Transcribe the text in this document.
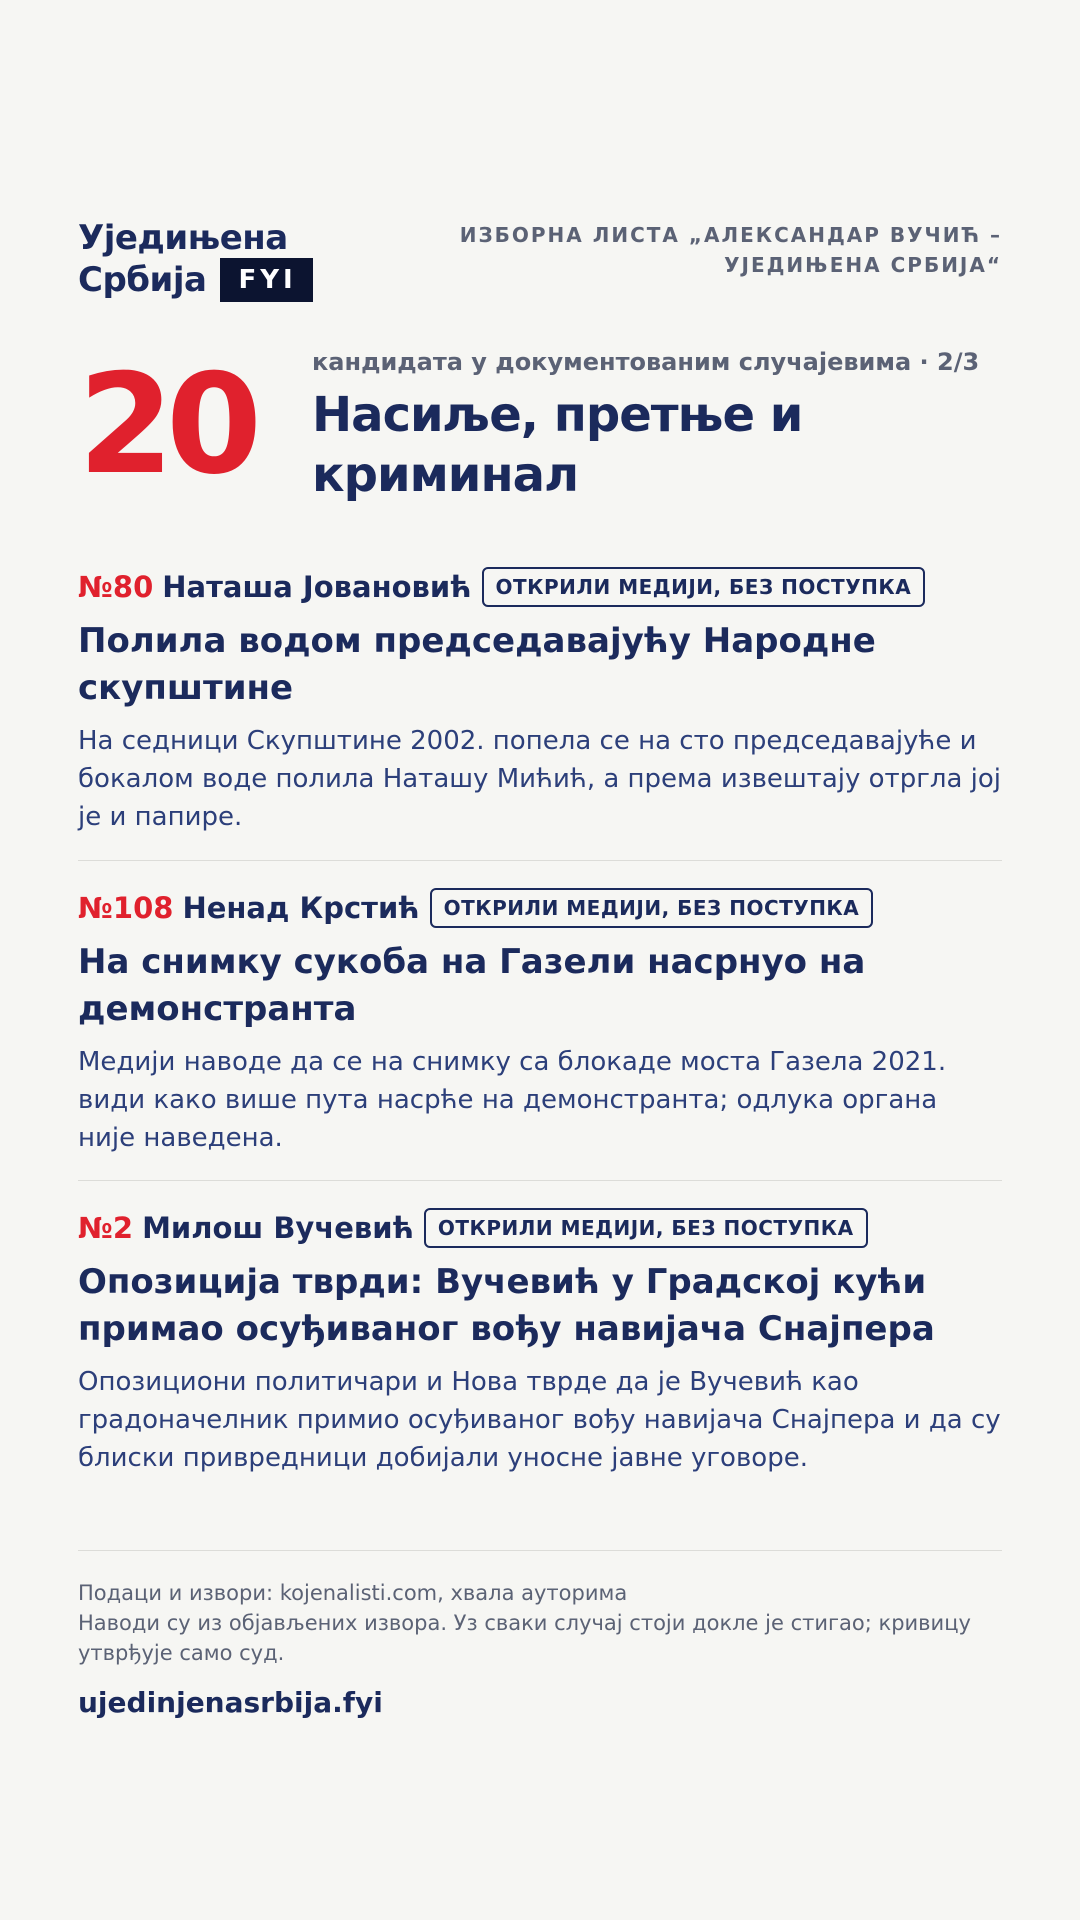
Уједињена
Србија	FYI
ИЗБОРНА ЛИСТА „АЛЕКСАНДАР ВУЧИЋ –
УЈЕДИЊЕНА СРБИЈА“
20 кандидата у документованим случајевима · 2/3
Насиље, претње и криминал
№80 Наташа Јовановић	ОТКРИЛИ МЕДИЈИ, БЕЗ ПОСТУПКА
Полила водом председавајућу Народне скупштине
На седници Скупштине 2002. попела се на сто председавајуће и бокалом воде полила Наташу Мићић, а према извештају отргла јој је и папире.
№108 Ненад Крстић	ОТКРИЛИ МЕДИЈИ, БЕЗ ПОСТУПКА
На снимку сукоба на Газели насрнуо на демонстранта
Медији наводе да се на снимку са блокаде моста Газела 2021. види како више пута насрће на демонстранта; одлука органа није наведена.
№2 Милош Вучевић	ОТКРИЛИ МЕДИЈИ, БЕЗ ПОСТУПКА
Опозиција тврди: Вучевић у Градској кући примао осуђиваног вођу навијача Снајпера
Опозициони политичари и Нова тврде да је Вучевић као градоначелник примио осуђиваног вођу навијача Снајпера и да су блиски привредници добијали уносне јавне уговоре.
Подаци и извори: kojenalisti.com, хвала ауторима
Наводи су из објављених извора. Уз сваки случај стоји докле је стигао; кривицу утврђује само суд.
ujedinjenasrbija.fyi
